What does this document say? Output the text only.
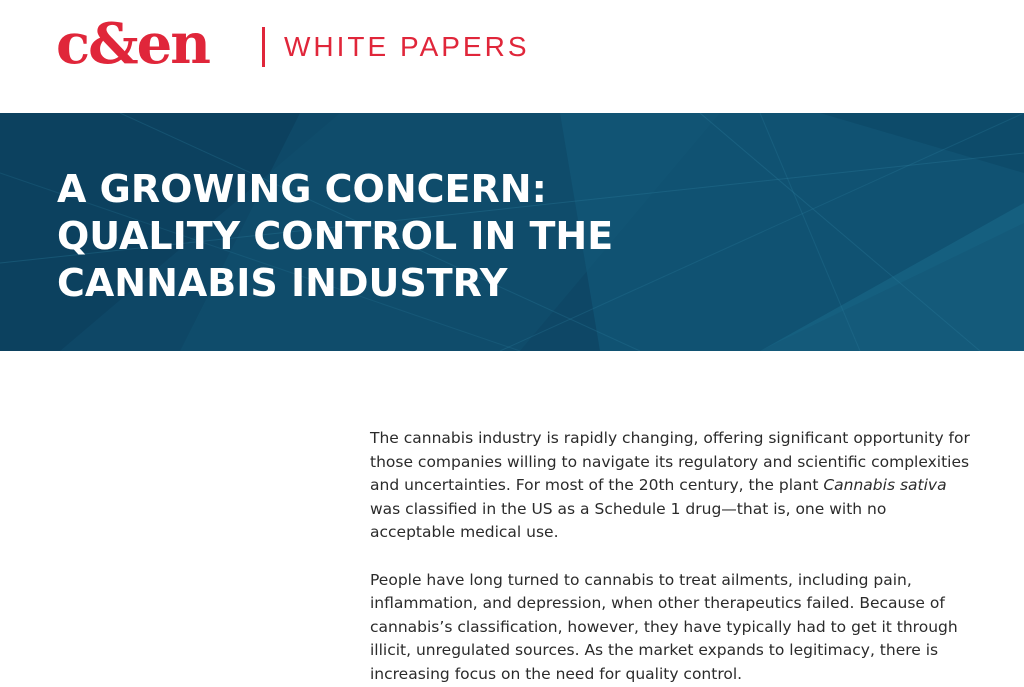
c&en	WHITE PAPERS
A GROWING CONCERN:
QUALITY CONTROL IN THE
CANNABIS INDUSTRY

The cannabis industry is rapidly changing, offering significant opportunity for those companies willing to navigate its regulatory and scientific complexities and uncertainties. For most of the 20th century, the plant Cannabis sativa was classified in the US as a Schedule 1 drug—that is, one with no acceptable medical use.

People have long turned to cannabis to treat ailments, including pain, inflammation, and depression, when other therapeutics failed. Because of cannabis’s classification, however, they have typically had to get it through illicit, unregulated sources. As the market expands to legitimacy, there is increasing focus on the need for quality control.
